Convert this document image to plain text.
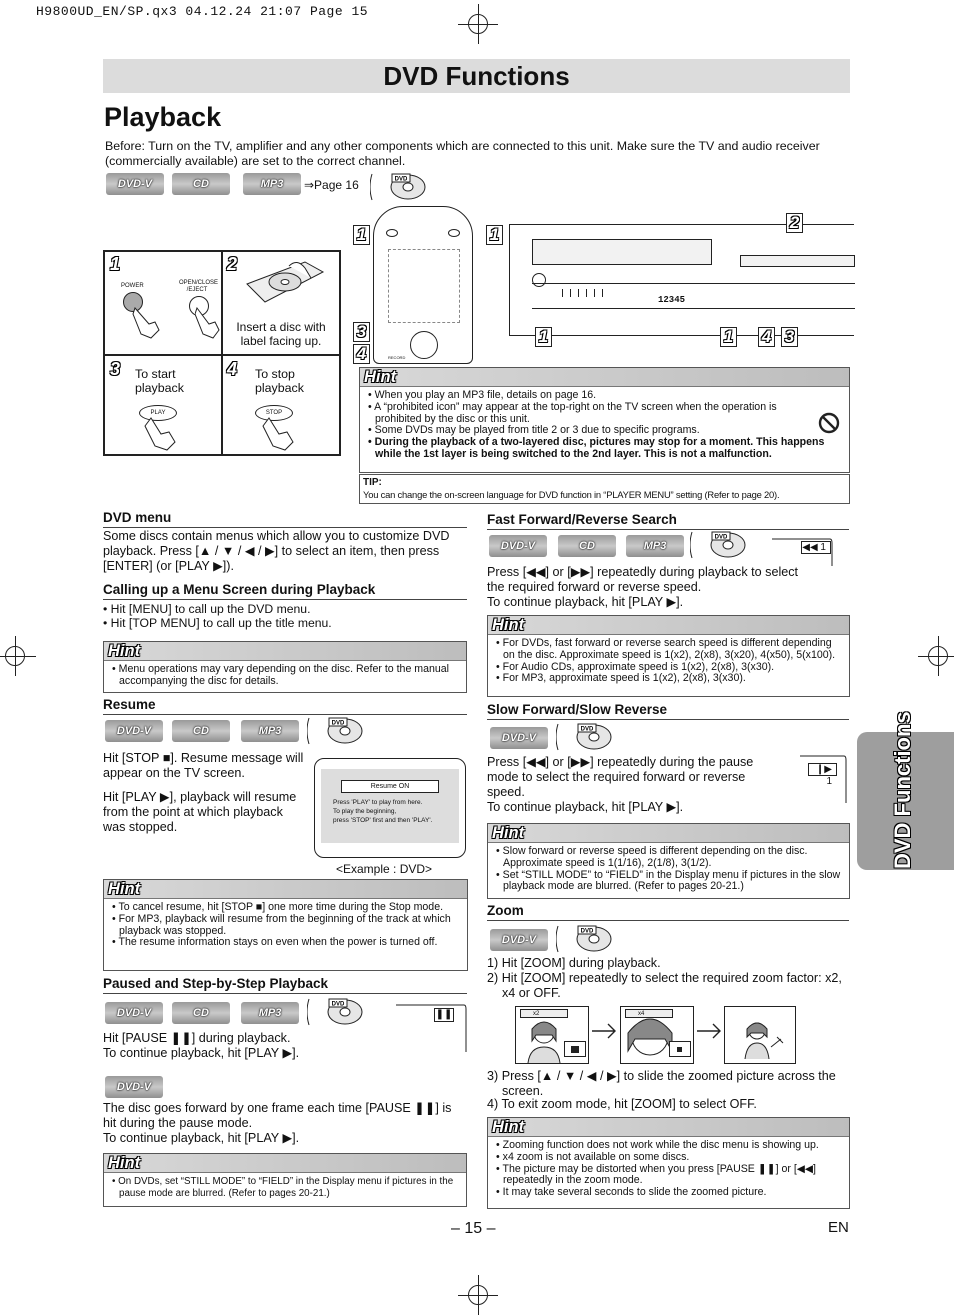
H9800UD_EN/SP.qx3 04.12.24 21:07 Page 15
DVD Functions
Playback
Before: Turn on the TV, amplifier and any other components which are connected to this unit. Make sure the TV and audio receiver (commercially available) are set to the correct channel.
DVD-V	CD	MP3	⇒Page 16	DVD
1	2
3	4
POWER	OPEN/CLOSE /EJECT
Insert a disc with label facing up.
To start playback
To stop playback
PLAY	STOP
RECORD
1	1
3
4
12345
2
1	1 4 3
Hint
• When you play an MP3 file, details on page 16.
• A “prohibited icon” may appear at the top-right on the TV screen when the operation is prohibited by the disc or this unit.
• Some DVDs may be played from title 2 or 3 due to specific programs.
• During the playback of a two-layered disc, pictures may stop for a moment. This happens while the 1st layer is being switched to the 2nd layer. This is not a malfunction.
TIP:
You can change the on-screen language for DVD function in “PLAYER MENU” setting (Refer to page 20).
DVD menu
Some discs contain menus which allow you to customize DVD playback. Press [▲ / ▼ / ◀ / ▶] to select an item, then press [ENTER] (or [PLAY ▶]).
Calling up a Menu Screen during Playback
• Hit [MENU] to call up the DVD menu.
• Hit [TOP MENU] to call up the title menu.
Hint
• Menu operations may vary depending on the disc. Refer to the manual accompanying the disc for details.
Resume
DVD-V	CD	MP3
DVD
Hit [STOP ■]. Resume message will appear on the TV screen.
Hit [PLAY ▶], playback will resume from the point at which playback was stopped.
Resume ON
Press 'PLAY' to play from here.
To play the beginning,
press 'STOP' first and then 'PLAY'.
<Example : DVD>
Hint
• To cancel resume, hit [STOP ■] one more time during the Stop mode.
• For MP3, playback will resume from the beginning of the track at which playback was stopped.
• The resume information stays on even when the power is turned off.
Paused and Step-by-Step Playback
DVD-V	CD	MP3
DVD
❚❚
Hit [PAUSE ❚❚] during playback.
To continue playback, hit [PLAY ▶].
DVD-V
The disc goes forward by one frame each time [PAUSE ❚❚] is hit during the pause mode.
To continue playback, hit [PLAY ▶].
Hint
• On DVDs, set “STILL MODE” to “FIELD” in the Display menu if pictures in the pause mode are blurred. (Refer to pages 20-21.)
Fast Forward/Reverse Search
DVD-V	CD	MP3
DVD
◀◀ 1
Press [◀◀] or [▶▶] repeatedly during playback to select the required forward or reverse speed.
To continue playback, hit [PLAY ▶].
Hint
• For DVDs, fast forward or reverse search speed is different depending on the disc. Approximate speed is 1(x2), 2(x8), 3(x20), 4(x50), 5(x100).
• For Audio CDs, approximate speed is 1(x2), 2(x8), 3(x30).
• For MP3, approximate speed is 1(x2), 2(x8), 3(x30).
Slow Forward/Slow Reverse
DVD-V
DVD
❙▶ 1
Press [◀◀] or [▶▶] repeatedly during the pause mode to select the required forward or reverse speed.
To continue playback, hit [PLAY ▶].
Hint
• Slow forward or reverse speed is different depending on the disc. Approximate speed is 1(1/16), 2(1/8), 3(1/2).
• Set “STILL MODE” to “FIELD” in the Display menu if pictures in the slow playback mode are blurred. (Refer to pages 20-21.)
Zoom
DVD-V
DVD
1) Hit [ZOOM] during playback.
2) Hit [ZOOM] repeatedly to select the required zoom factor: x2, x4 or OFF.
x2	x4
3) Press [▲ / ▼ / ◀ / ▶] to slide the zoomed picture across the screen.
4) To exit zoom mode, hit [ZOOM] to select OFF.
Hint
• Zooming function does not work while the disc menu is showing up.
• x4 zoom is not available on some discs.
• The picture may be distorted when you press [PAUSE ❚❚] or [◀◀] repeatedly in the zoom mode.
• It may take several seconds to slide the zoomed picture.
– 15 –	EN
DVD Functions
